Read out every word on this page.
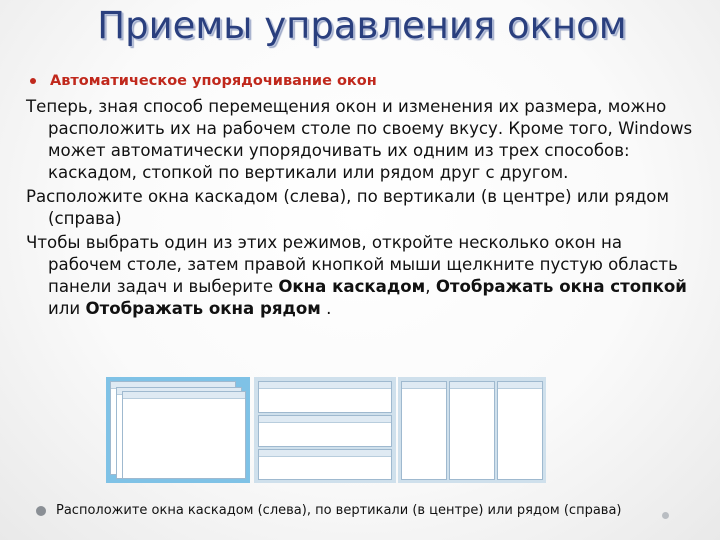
Приемы управления окном
Автоматическое упорядочивание окон

Теперь, зная способ перемещения окон и изменения их размера, можно расположить их на рабочем столе по своему вкусу. Кроме того, Windows может автоматически упорядочивать их одним из трех способов: каскадом, стопкой по вертикали или рядом друг с другом.

Расположите окна каскадом (слева), по вертикали (в центре) или рядом (справа)

Чтобы выбрать один из этих режимов, откройте несколько окон на рабочем столе, затем правой кнопкой мыши щелкните пустую область панели задач и выберите Окна каскадом, Отображать окна стопкой или Отображать окна рядом .

Расположите окна каскадом (слева), по вертикали (в центре) или рядом (справа)
